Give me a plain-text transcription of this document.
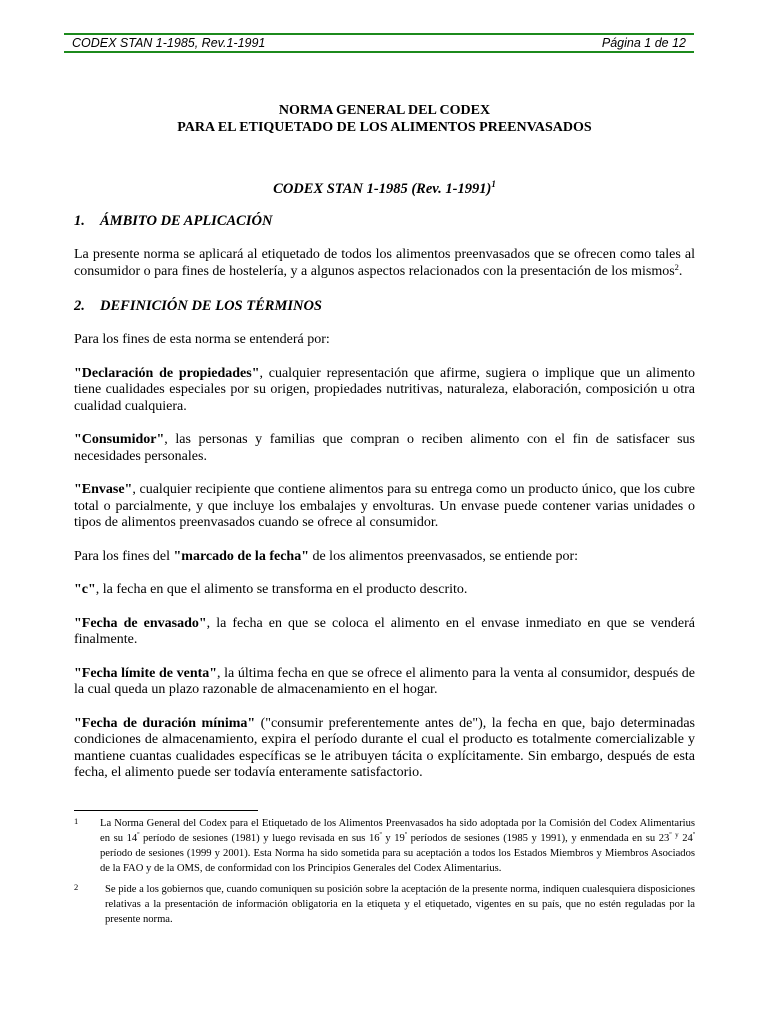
CODEX STAN 1-1985, Rev.1-1991	Página 1 de 12
NORMA GENERAL DEL CODEX
PARA EL ETIQUETADO DE LOS ALIMENTOS PREENVASADOS
CODEX STAN 1-1985 (Rev. 1-1991)$^1$
1. ÁMBITO DE APLICACIÓN

La presente norma se aplicará al etiquetado de todos los alimentos preenvasados que se ofrecen como tales al consumidor o para fines de hostelería, y a algunos aspectos relacionados con la presentación de los mismos$^2$.

2. DEFINICIÓN DE LOS TÉRMINOS

Para los fines de esta norma se entenderá por:

"Declaración de propiedades", cualquier representación que afirme, sugiera o implique que un alimento tiene cualidades especiales por su origen, propiedades nutritivas, naturaleza, elaboración, composición u otra cualidad cualquiera.

"Consumidor", las personas y familias que compran o reciben alimento con el fin de satisfacer sus necesidades personales.

"Envase", cualquier recipiente que contiene alimentos para su entrega como un producto único, que los cubre total o parcialmente, y que incluye los embalajes y envolturas. Un envase puede contener varias unidades o tipos de alimentos preenvasados cuando se ofrece al consumidor.

Para los fines del "marcado de la fecha" de los alimentos preenvasados, se entiende por:

"c", la fecha en que el alimento se transforma en el producto descrito.

"Fecha de envasado", la fecha en que se coloca el alimento en el envase inmediato en que se venderá finalmente.

"Fecha límite de venta", la última fecha en que se ofrece el alimento para la venta al consumidor, después de la cual queda un plazo razonable de almacenamiento en el hogar.

"Fecha de duración mínima" ("consumir preferentemente antes de"), la fecha en que, bajo determinadas condiciones de almacenamiento, expira el período durante el cual el producto es totalmente comercializable y mantiene cuantas cualidades específicas se le atribuyen tácita o explícitamente. Sin embargo, después de esta fecha, el alimento puede ser todavía enteramente satisfactorio.

1 La Norma General del Codex para el Etiquetado de los Alimentos Preenvasados ha sido adoptada por la Comisión del Codex Alimentarius en su $14^º$ período de sesiones (1981) y luego revisada en sus $16^º$ y $19^º$ períodos de sesiones (1985 y 1991), y enmendada en su $23^º$ $^y$ $24^º$ período de sesiones (1999 y 2001). Esta Norma ha sido sometida para su aceptación a todos los Estados Miembros y Miembros Asociados de la FAO y de la OMS, de conformidad con los Principios Generales del Codex Alimentarius.
2	Se pide a los gobiernos que, cuando comuniquen su posición sobre la aceptación de la presente norma, indiquen cualesquiera disposiciones relativas a la presentación de información obligatoria en la etiqueta y el etiquetado, vigentes en su país, que no estén reguladas por la presente norma.
